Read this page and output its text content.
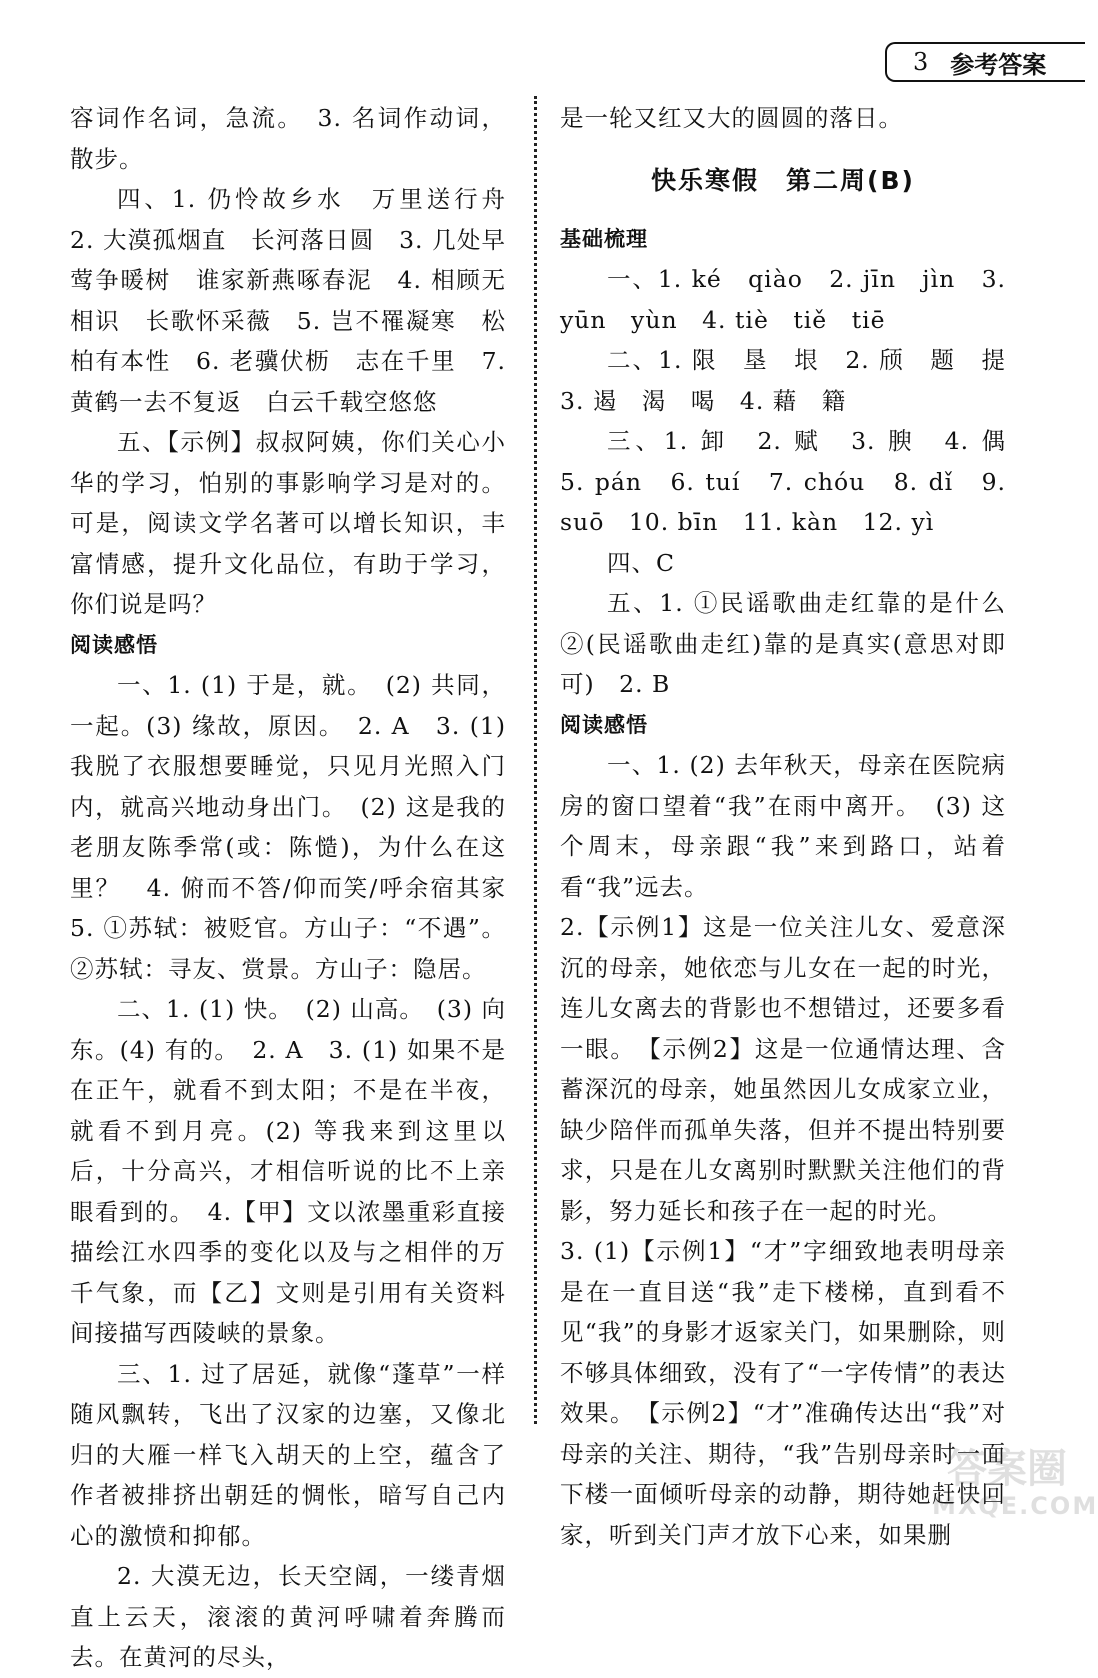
3 参考答案

容词作名词，急流。　3. 名词作动词，散步。

四、1. 仍怜故乡水　万里送行舟　2. 大漠孤烟直　长河落日圆　3. 几处早莺争暖树　谁家新燕啄春泥　4. 相顾无相识　长歌怀采薇　5. 岂不罹凝寒　松柏有本性　6. 老骥伏枥　志在千里　7. 黄鹤一去不复返　白云千载空悠悠

五、【示例】叔叔阿姨，你们关心小华的学习，怕别的事影响学习是对的。可是，阅读文学名著可以增长知识，丰富情感，提升文化品位，有助于学习，你们说是吗？

阅读感悟

一、1. (1) 于是，就。　(2) 共同，一起。(3) 缘故，原因。　2. A　3. (1) 我脱了衣服想要睡觉，只见月光照入门内，就高兴地动身出门。　(2) 这是我的老朋友陈季常(或：陈慥)，为什么在这里？　4. 俯而不答/仰而笑/呼余宿其家　5. ①苏轼：被贬官。方山子：“不遇”。②苏轼：寻友、赏景。方山子：隐居。

二、1. (1) 快。　(2) 山高。　(3) 向东。(4) 有的。　2. A　3. (1) 如果不是在正午，就看不到太阳；不是在半夜，就看不到月亮。(2) 等我来到这里以后，十分高兴，才相信听说的比不上亲眼看到的。　4.【甲】文以浓墨重彩直接描绘江水四季的变化以及与之相伴的万千气象，而【乙】文则是引用有关资料间接描写西陵峡的景象。

三、1. 过了居延，就像“蓬草”一样随风飘转，飞出了汉家的边塞，又像北归的大雁一样飞入胡天的上空，蕴含了作者被排挤出朝廷的惆怅，暗写自己内心的激愤和抑郁。

2. 大漠无边，长天空阔，一缕青烟直上云天，滚滚的黄河呼啸着奔腾而去。在黄河的尽头，

是一轮又红又大的圆圆的落日。

快乐寒假　第二周(B)
基础梳理

一、1. ké　qiào　2. jīn　jìn　3. yūn　yùn　4. tiè　tiě　tiē

二、1. 限　垦　垠　2. 颀　题　提　3. 遏　渴　喝　4. 藉　籍

三、1. 卸　2. 赋　3. 腴　4. 偶　5. pán　6. tuí　7. chóu　8. dǐ　9. suō　10. bīn　11. kàn　12. yì

四、C

五、1. ①民谣歌曲走红靠的是什么　②(民谣歌曲走红)靠的是真实(意思对即可)　2. B

阅读感悟

一、1. (2) 去年秋天，母亲在医院病房的窗口望着“我”在雨中离开。　(3) 这个周末，母亲跟“我”来到路口，站着看“我”远去。

2.【示例1】这是一位关注儿女、爱意深沉的母亲，她依恋与儿女在一起的时光，连儿女离去的背影也不想错过，还要多看一眼。　【示例2】这是一位通情达理、含蓄深沉的母亲，她虽然因儿女成家立业，缺少陪伴而孤单失落，但并不提出特别要求，只是在儿女离别时默默关注他们的背影，努力延长和孩子在一起的时光。

3. (1)【示例1】“才”字细致地表明母亲是在一直目送“我”走下楼梯，直到看不见“我”的身影才返家关门，如果删除，则不够具体细致，没有了“一字传情”的表达效果。　【示例2】“才”准确传达出“我”对母亲的关注、期待，“我”告别母亲时一面下楼一面倾听母亲的动静，期待她赶快回家，听到关门声才放下心来，如果删

答案圈
MXQE.COM
